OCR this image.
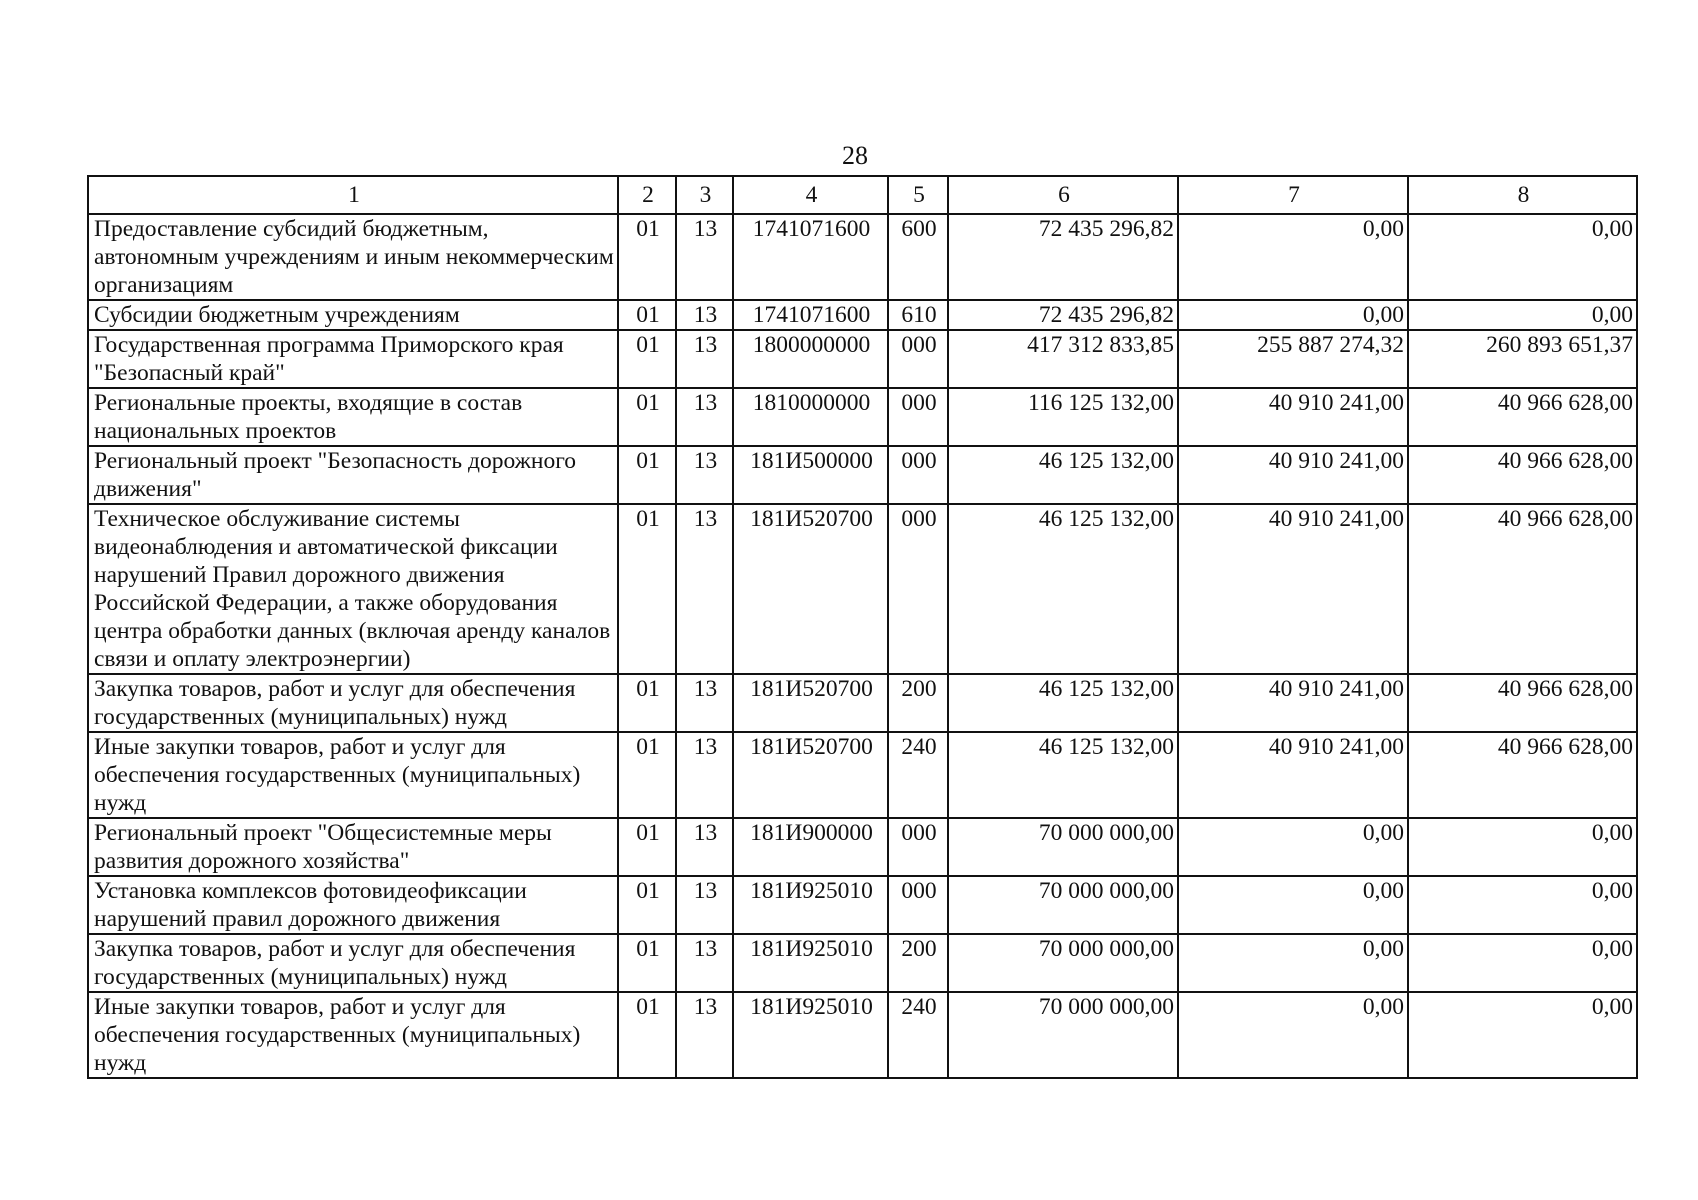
28
1	2	3	4	5	6	7	8
Предоставление субсидий бюджетным, автономным учреждениям и иным некоммерческим организациям	01	13	1741071600	600	72 435 296,82	0,00	0,00
Субсидии бюджетным учреждениям	01	13	1741071600	610	72 435 296,82	0,00	0,00
Государственная программа Приморского края "Безопасный край"	01	13	1800000000	000	417 312 833,85	255 887 274,32	260 893 651,37
Региональные проекты, входящие в состав национальных проектов	01	13	1810000000	000	116 125 132,00	40 910 241,00	40 966 628,00
Региональный проект "Безопасность дорожного движения"	01	13	181И500000	000	46 125 132,00	40 910 241,00	40 966 628,00
Техническое обслуживание системы видеонаблюдения и автоматической фиксации нарушений Правил дорожного движения Российской Федерации, а также оборудования центра обработки данных (включая аренду каналов связи и оплату электроэнергии)	01	13	181И520700	000	46 125 132,00	40 910 241,00	40 966 628,00
Закупка товаров, работ и услуг для обеспечения государственных (муниципальных) нужд	01	13	181И520700	200	46 125 132,00	40 910 241,00	40 966 628,00
Иные закупки товаров, работ и услуг для обеспечения государственных (муниципальных) нужд	01	13	181И520700	240	46 125 132,00	40 910 241,00	40 966 628,00
Региональный проект "Общесистемные меры развития дорожного хозяйства"	01	13	181И900000	000	70 000 000,00	0,00	0,00
Установка комплексов фотовидеофиксации нарушений правил дорожного движения	01	13	181И925010	000	70 000 000,00	0,00	0,00
Закупка товаров, работ и услуг для обеспечения государственных (муниципальных) нужд	01	13	181И925010	200	70 000 000,00	0,00	0,00
Иные закупки товаров, работ и услуг для обеспечения государственных (муниципальных) нужд	01	13	181И925010	240	70 000 000,00	0,00	0,00
